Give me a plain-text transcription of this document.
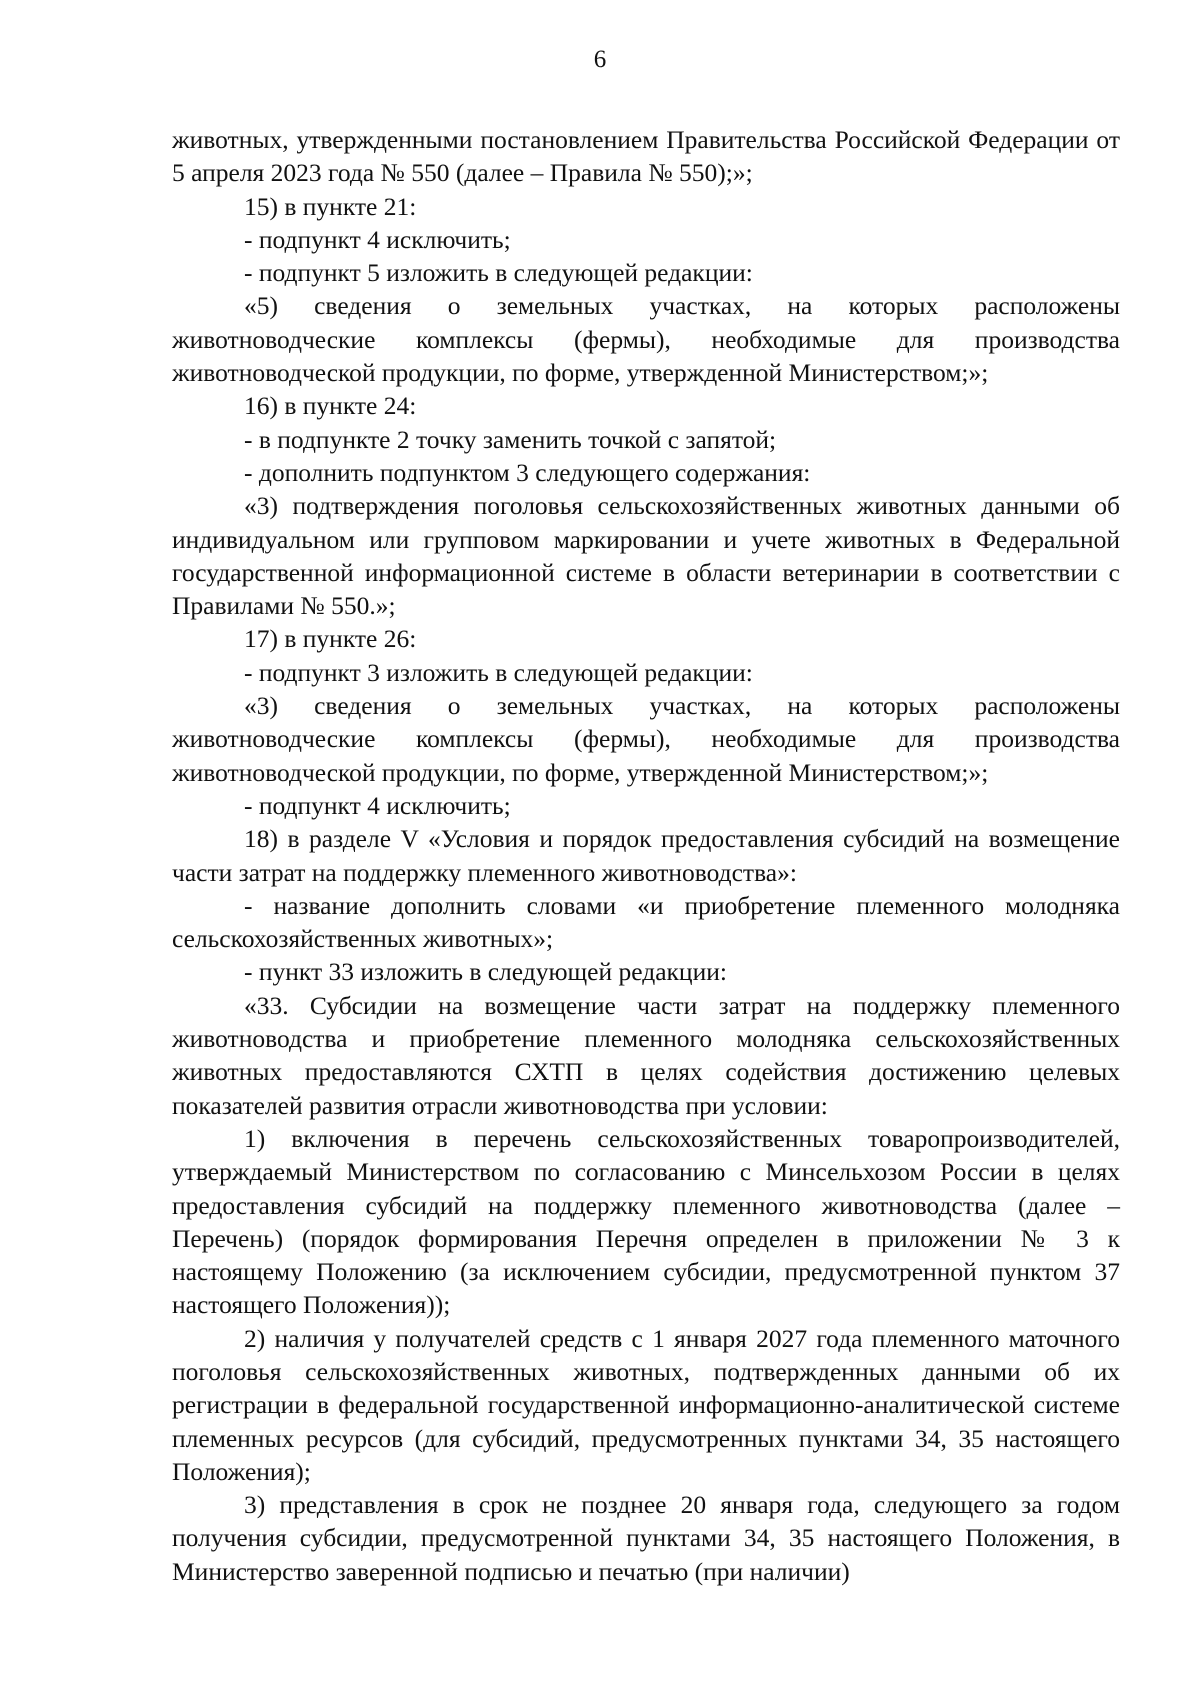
6

животных, утвержденными постановлением Правительства Российской Федерации от 5 апреля 2023 года № 550 (далее – Правила № 550);»;

15) в пункте 21:

- подпункт 4 исключить;

- подпункт 5 изложить в следующей редакции:

«5) сведения о земельных участках, на которых расположены животноводческие комплексы (фермы), необходимые для производства животноводческой продукции, по форме, утвержденной Министерством;»;

16) в пункте 24:

- в подпункте 2 точку заменить точкой с запятой;

- дополнить подпунктом 3 следующего содержания:

«3) подтверждения поголовья сельскохозяйственных животных данными об индивидуальном или групповом маркировании и учете животных в Федеральной государственной информационной системе в области ветеринарии в соответствии с Правилами № 550.»;

17) в пункте 26:

- подпункт 3 изложить в следующей редакции:

«3) сведения о земельных участках, на которых расположены животноводческие комплексы (фермы), необходимые для производства животноводческой продукции, по форме, утвержденной Министерством;»;

- подпункт 4 исключить;

18) в разделе V «Условия и порядок предоставления субсидий на возмещение части затрат на поддержку племенного животноводства»:

- название дополнить словами «и приобретение племенного молодняка сельскохозяйственных животных»;

- пункт 33 изложить в следующей редакции:

«33. Субсидии на возмещение части затрат на поддержку племенного животноводства и приобретение племенного молодняка сельскохозяйственных животных предоставляются СХТП в целях содействия достижению целевых показателей развития отрасли животноводства при условии:

1) включения в перечень сельскохозяйственных товаропроизводителей, утверждаемый Министерством по согласованию с Минсельхозом России в целях предоставления субсидий на поддержку племенного животноводства (далее – Перечень) (порядок формирования Перечня определен в приложении № 3 к настоящему Положению (за исключением субсидии, предусмотренной пунктом 37 настоящего Положения));

2) наличия у получателей средств с 1 января 2027 года племенного маточного поголовья сельскохозяйственных животных, подтвержденных данными об их регистрации в федеральной государственной информационно-аналитической системе племенных ресурсов (для субсидий, предусмотренных пунктами 34, 35 настоящего Положения);

3) представления в срок не позднее 20 января года, следующего за годом получения субсидии, предусмотренной пунктами 34, 35 настоящего Положения, в Министерство заверенной подписью и печатью (при наличии)
